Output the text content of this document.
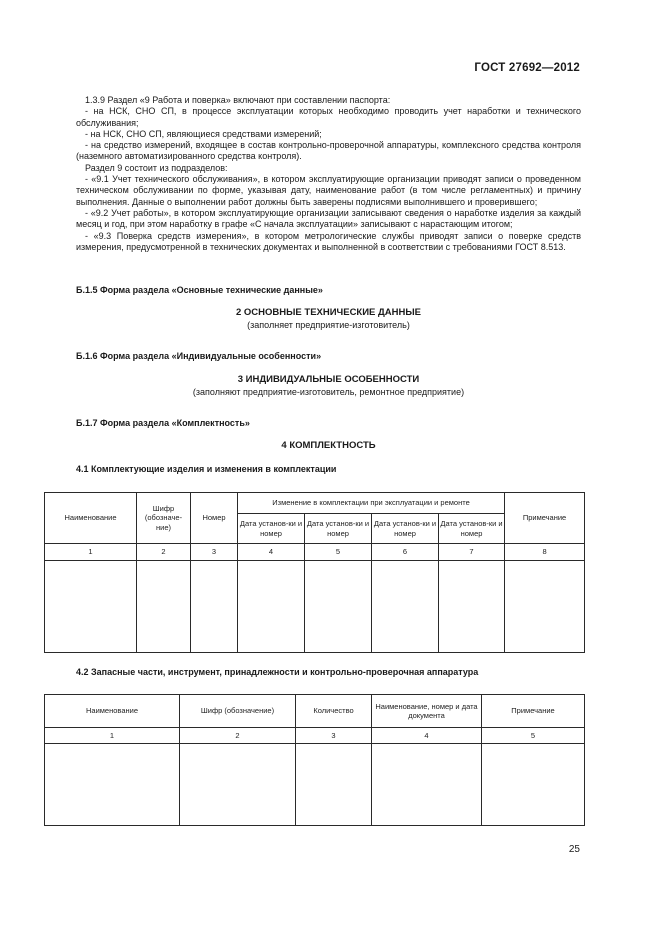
ГОСТ 27692—2012

1.3.9 Раздел «9 Работа и поверка» включают при составлении паспорта:

- на НСК, СНО СП, в процессе эксплуатации которых необходимо проводить учет наработки и технического обслуживания;

- на НСК, СНО СП, являющиеся средствами измерений;

- на средство измерений, входящее в состав контрольно-проверочной аппаратуры, комплексного средства контроля (наземного автоматизированного средства контроля).

Раздел 9 состоит из подразделов:

- «9.1 Учет технического обслуживания», в котором эксплуатирующие организации приводят записи о проведенном техническом обслуживании по форме, указывая дату, наименование работ (в том числе регламентных) и причину выполнения. Данные о выполнении работ должны быть заверены подписями выполнившего и проверившего;

- «9.2 Учет работы», в котором эксплуатирующие организации записывают сведения о наработке изделия за каждый месяц и год, при этом наработку в графе «С начала эксплуатации» записывают с нарастающим итогом;

- «9.3 Поверка средств измерения», в котором метрологические службы приводят записи о поверке средств измерения, предусмотренной в технических документах и выполненной в соответствии с требованиями ГОСТ 8.513.

Б.1.5 Форма раздела «Основные технические данные»
2 ОСНОВНЫЕ ТЕХНИЧЕСКИЕ ДАННЫЕ
(заполняет предприятие-изготовитель)
Б.1.6 Форма раздела «Индивидуальные особенности»
3 ИНДИВИДУАЛЬНЫЕ ОСОБЕННОСТИ
(заполняют предприятие-изготовитель, ремонтное предприятие)
Б.1.7 Форма раздела «Комплектность»
4 КОМПЛЕКТНОСТЬ
4.1 Комплектующие изделия и изменения в комплектации
Наименование	Шифр (обозначе-ние)	Номер	Изменение в комплектации при эксплуатации и ремонте				Примечание
			Дата установ-ки и номер	Дата установ-ки и номер	Дата установ-ки и номер	Дата установ-ки и номер	
1	2	3	4	5	6	7	8

4.2 Запасные части, инструмент, принадлежности и контрольно-проверочная аппаратура
Наименование	Шифр (обозначение)	Количество	Наименование, номер и дата документа	Примечание
1	2	3	4	5

25
